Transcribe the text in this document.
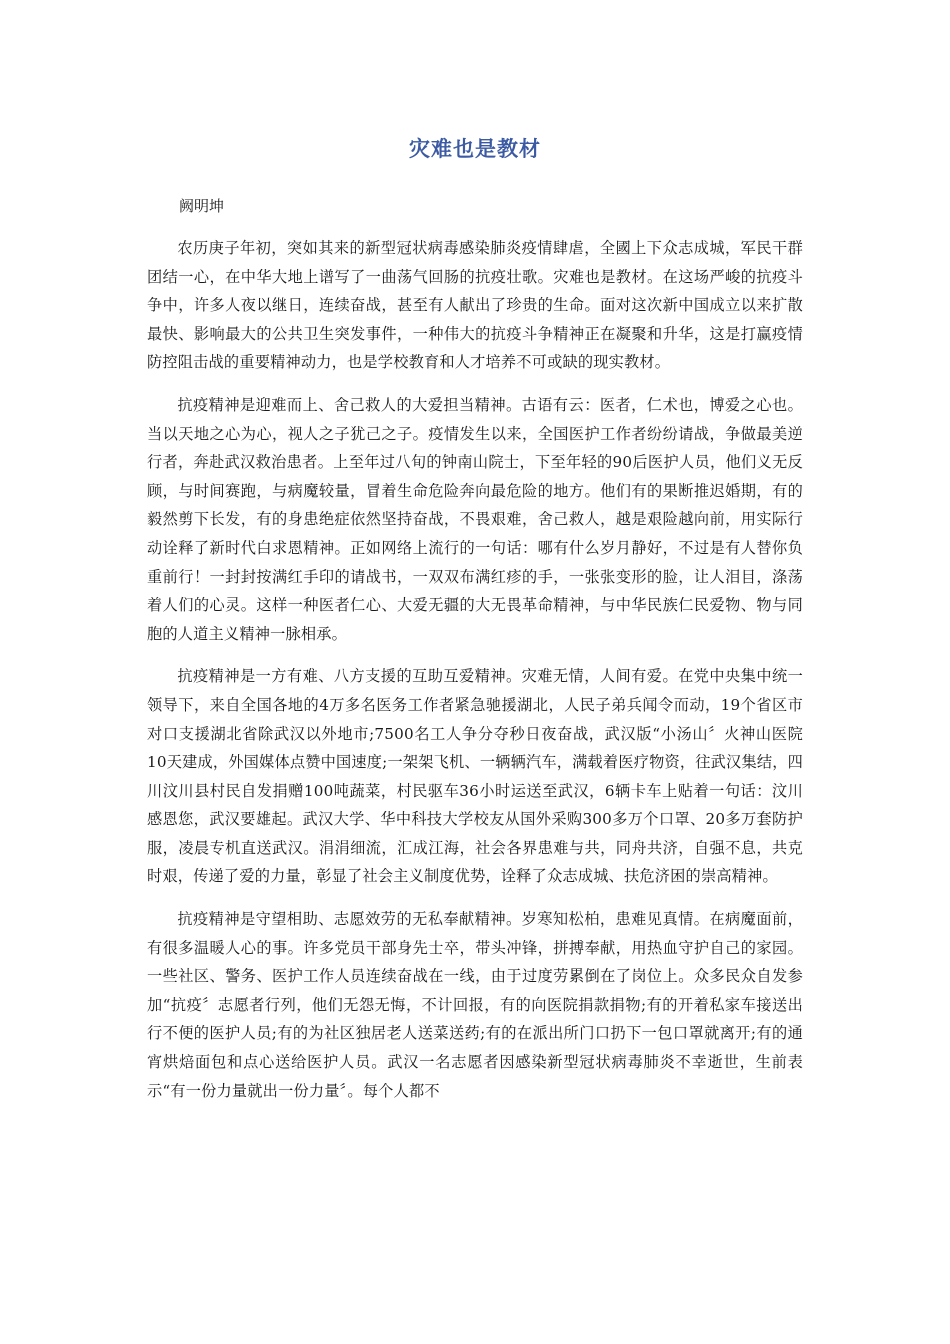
灾难也是教材
阙明坤

农历庚子年初，突如其来的新型冠状病毒感染肺炎疫情肆虐，全國上下众志成城，军民干群团结一心，在中华大地上谱写了一曲荡气回肠的抗疫壮歌。灾难也是教材。在这场严峻的抗疫斗争中，许多人夜以继日，连续奋战，甚至有人献出了珍贵的生命。面对这次新中国成立以来扩散最快、影响最大的公共卫生突发事件，一种伟大的抗疫斗争精神正在凝聚和升华，这是打赢疫情防控阻击战的重要精神动力，也是学校教育和人才培养不可或缺的现实教材。

抗疫精神是迎难而上、舍己救人的大爱担当精神。古语有云：医者，仁术也，博爱之心也。当以天地之心为心，视人之子犹己之子。疫情发生以来，全国医护工作者纷纷请战，争做最美逆行者，奔赴武汉救治患者。上至年过八旬的钟南山院士，下至年轻的90后医护人员，他们义无反顾，与时间赛跑，与病魔较量，冒着生命危险奔向最危险的地方。他们有的果断推迟婚期，有的毅然剪下长发，有的身患绝症依然坚持奋战，不畏艰难，舍己救人，越是艰险越向前，用实际行动诠释了新时代白求恩精神。正如网络上流行的一句话：哪有什么岁月静好，不过是有人替你负重前行！一封封按满红手印的请战书，一双双布满红疹的手，一张张变形的脸，让人泪目，涤荡着人们的心灵。这样一种医者仁心、大爱无疆的大无畏革命精神，与中华民族仁民爱物、物与同胞的人道主义精神一脉相承。

抗疫精神是一方有难、八方支援的互助互爱精神。灾难无情，人间有爱。在党中央集中统一领导下，来自全国各地的4万多名医务工作者紧急驰援湖北，人民子弟兵闻令而动，19个省区市对口支援湖北省除武汉以外地市;7500名工人争分夺秒日夜奋战，武汉版“小汤山〞火神山医院10天建成，外国媒体点赞中国速度;一架架飞机、一辆辆汽车，满载着医疗物资，往武汉集结，四川汶川县村民自发捐赠100吨蔬菜，村民驱车36小时运送至武汉，6辆卡车上贴着一句话：汶川感恩您，武汉要雄起。武汉大学、华中科技大学校友从国外采购300多万个口罩、20多万套防护服，凌晨专机直送武汉。涓涓细流，汇成江海，社会各界患难与共，同舟共济，自强不息，共克时艰，传递了爱的力量，彰显了社会主义制度优势，诠释了众志成城、扶危济困的崇高精神。

抗疫精神是守望相助、志愿效劳的无私奉献精神。岁寒知松柏，患难见真情。在病魔面前，有很多温暖人心的事。许多党员干部身先士卒，带头冲锋，拼搏奉献，用热血守护自己的家园。一些社区、警务、医护工作人员连续奋战在一线，由于过度劳累倒在了岗位上。众多民众自发参加“抗疫〞志愿者行列，他们无怨无悔，不计回报，有的向医院捐款捐物;有的开着私家车接送出行不便的医护人员;有的为社区独居老人送菜送药;有的在派出所门口扔下一包口罩就离开;有的通宵烘焙面包和点心送给医护人员。武汉一名志愿者因感染新型冠状病毒肺炎不幸逝世，生前表示“有一份力量就出一份力量〞。每个人都不
